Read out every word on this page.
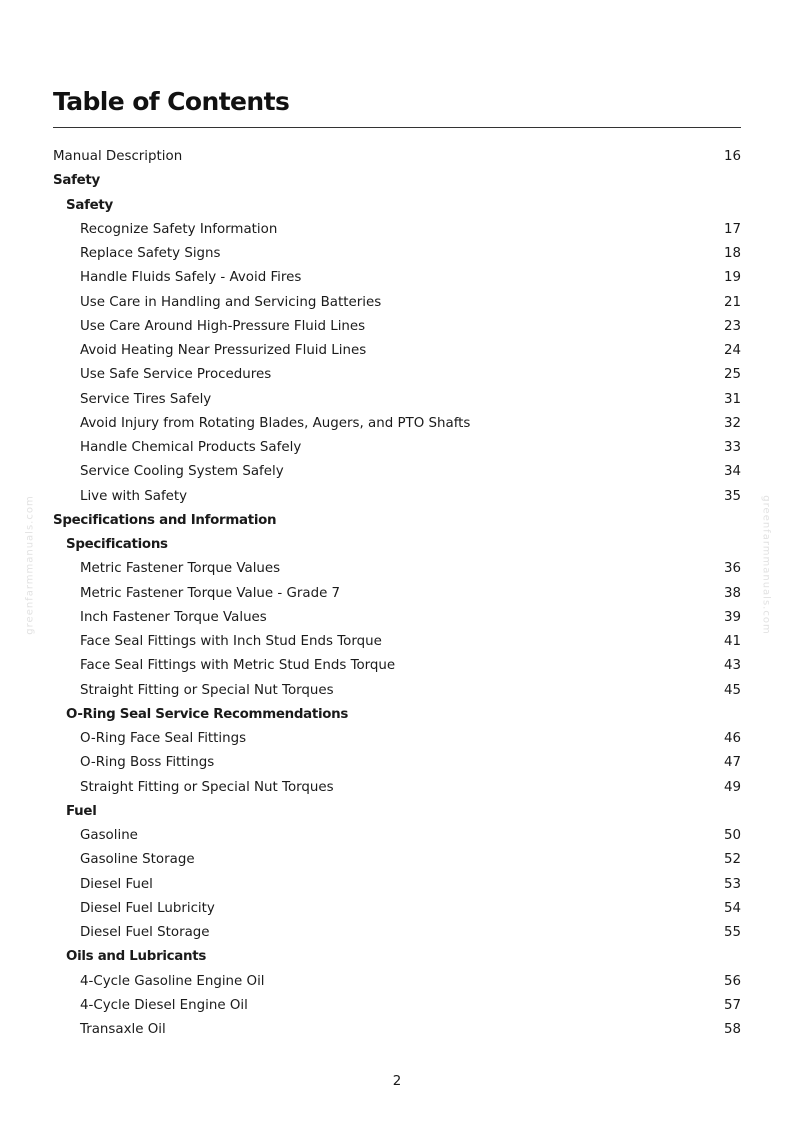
Table of Contents
Manual Description	16
Safety
Safety
Recognize Safety Information	17
Replace Safety Signs	18
Handle Fluids Safely - Avoid Fires	19
Use Care in Handling and Servicing Batteries	21
Use Care Around High-Pressure Fluid Lines	23
Avoid Heating Near Pressurized Fluid Lines	24
Use Safe Service Procedures	25
Service Tires Safely	31
Avoid Injury from Rotating Blades, Augers, and PTO Shafts	32
Handle Chemical Products Safely	33
Service Cooling System Safely	34
Live with Safety	35
Specifications and Information
Specifications
Metric Fastener Torque Values	36
Metric Fastener Torque Value - Grade 7	38
Inch Fastener Torque Values	39
Face Seal Fittings with Inch Stud Ends Torque	41
Face Seal Fittings with Metric Stud Ends Torque	43
Straight Fitting or Special Nut Torques	45
O-Ring Seal Service Recommendations
O-Ring Face Seal Fittings	46
O-Ring Boss Fittings	47
Straight Fitting or Special Nut Torques	49
Fuel
Gasoline	50
Gasoline Storage	52
Diesel Fuel	53
Diesel Fuel Lubricity	54
Diesel Fuel Storage	55
Oils and Lubricants
4-Cycle Gasoline Engine Oil	56
4-Cycle Diesel Engine Oil	57
Transaxle Oil	58
2
greenfarmmanuals.com	greenfarmmanuals.com
